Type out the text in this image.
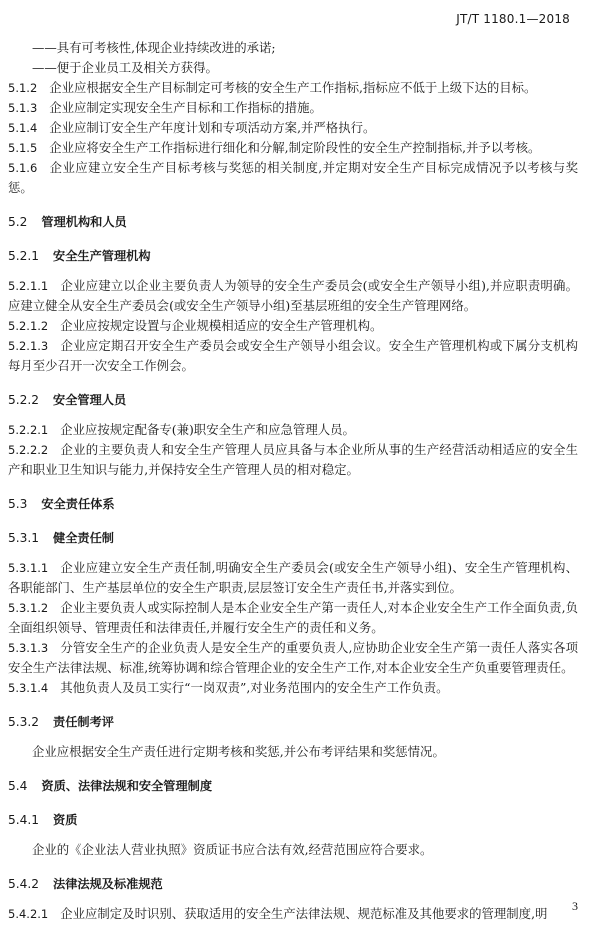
JT/T 1180.1—2018

——具有可考核性,体现企业持续改进的承诺;

——便于企业员工及相关方获得。

5.1.2 企业应根据安全生产目标制定可考核的安全生产工作指标,指标应不低于上级下达的目标。

5.1.3 企业应制定实现安全生产目标和工作指标的措施。

5.1.4 企业应制订安全生产年度计划和专项活动方案,并严格执行。

5.1.5 企业应将安全生产工作指标进行细化和分解,制定阶段性的安全生产控制指标,并予以考核。

5.1.6 企业应建立安全生产目标考核与奖惩的相关制度,并定期对安全生产目标完成情况予以考核与奖惩。

5.2 管理机构和人员
5.2.1 安全生产管理机构

5.2.1.1 企业应建立以企业主要负责人为领导的安全生产委员会(或安全生产领导小组),并应职责明确。应建立健全从安全生产委员会(或安全生产领导小组)至基层班组的安全生产管理网络。

5.2.1.2 企业应按规定设置与企业规模相适应的安全生产管理机构。

5.2.1.3 企业应定期召开安全生产委员会或安全生产领导小组会议。安全生产管理机构或下属分支机构每月至少召开一次安全工作例会。

5.2.2 安全管理人员

5.2.2.1 企业应按规定配备专(兼)职安全生产和应急管理人员。

5.2.2.2 企业的主要负责人和安全生产管理人员应具备与本企业所从事的生产经营活动相适应的安全生产和职业卫生知识与能力,并保持安全生产管理人员的相对稳定。

5.3 安全责任体系
5.3.1 健全责任制

5.3.1.1 企业应建立安全生产责任制,明确安全生产委员会(或安全生产领导小组)、安全生产管理机构、各职能部门、生产基层单位的安全生产职责,层层签订安全生产责任书,并落实到位。

5.3.1.2 企业主要负责人或实际控制人是本企业安全生产第一责任人,对本企业安全生产工作全面负责,负全面组织领导、管理责任和法律责任,并履行安全生产的责任和义务。

5.3.1.3 分管安全生产的企业负责人是安全生产的重要负责人,应协助企业安全生产第一责任人落实各项安全生产法律法规、标准,统筹协调和综合管理企业的安全生产工作,对本企业安全生产负重要管理责任。

5.3.1.4 其他负责人及员工实行“一岗双责”,对业务范围内的安全生产工作负责。

5.3.2 责任制考评

企业应根据安全生产责任进行定期考核和奖惩,并公布考评结果和奖惩情况。

5.4 资质、法律法规和安全管理制度
5.4.1 资质

企业的《企业法人营业执照》资质证书应合法有效,经营范围应符合要求。

5.4.2 法律法规及标准规范

5.4.2.1 企业应制定及时识别、获取适用的安全生产法律法规、规范标准及其他要求的管理制度,明	3
